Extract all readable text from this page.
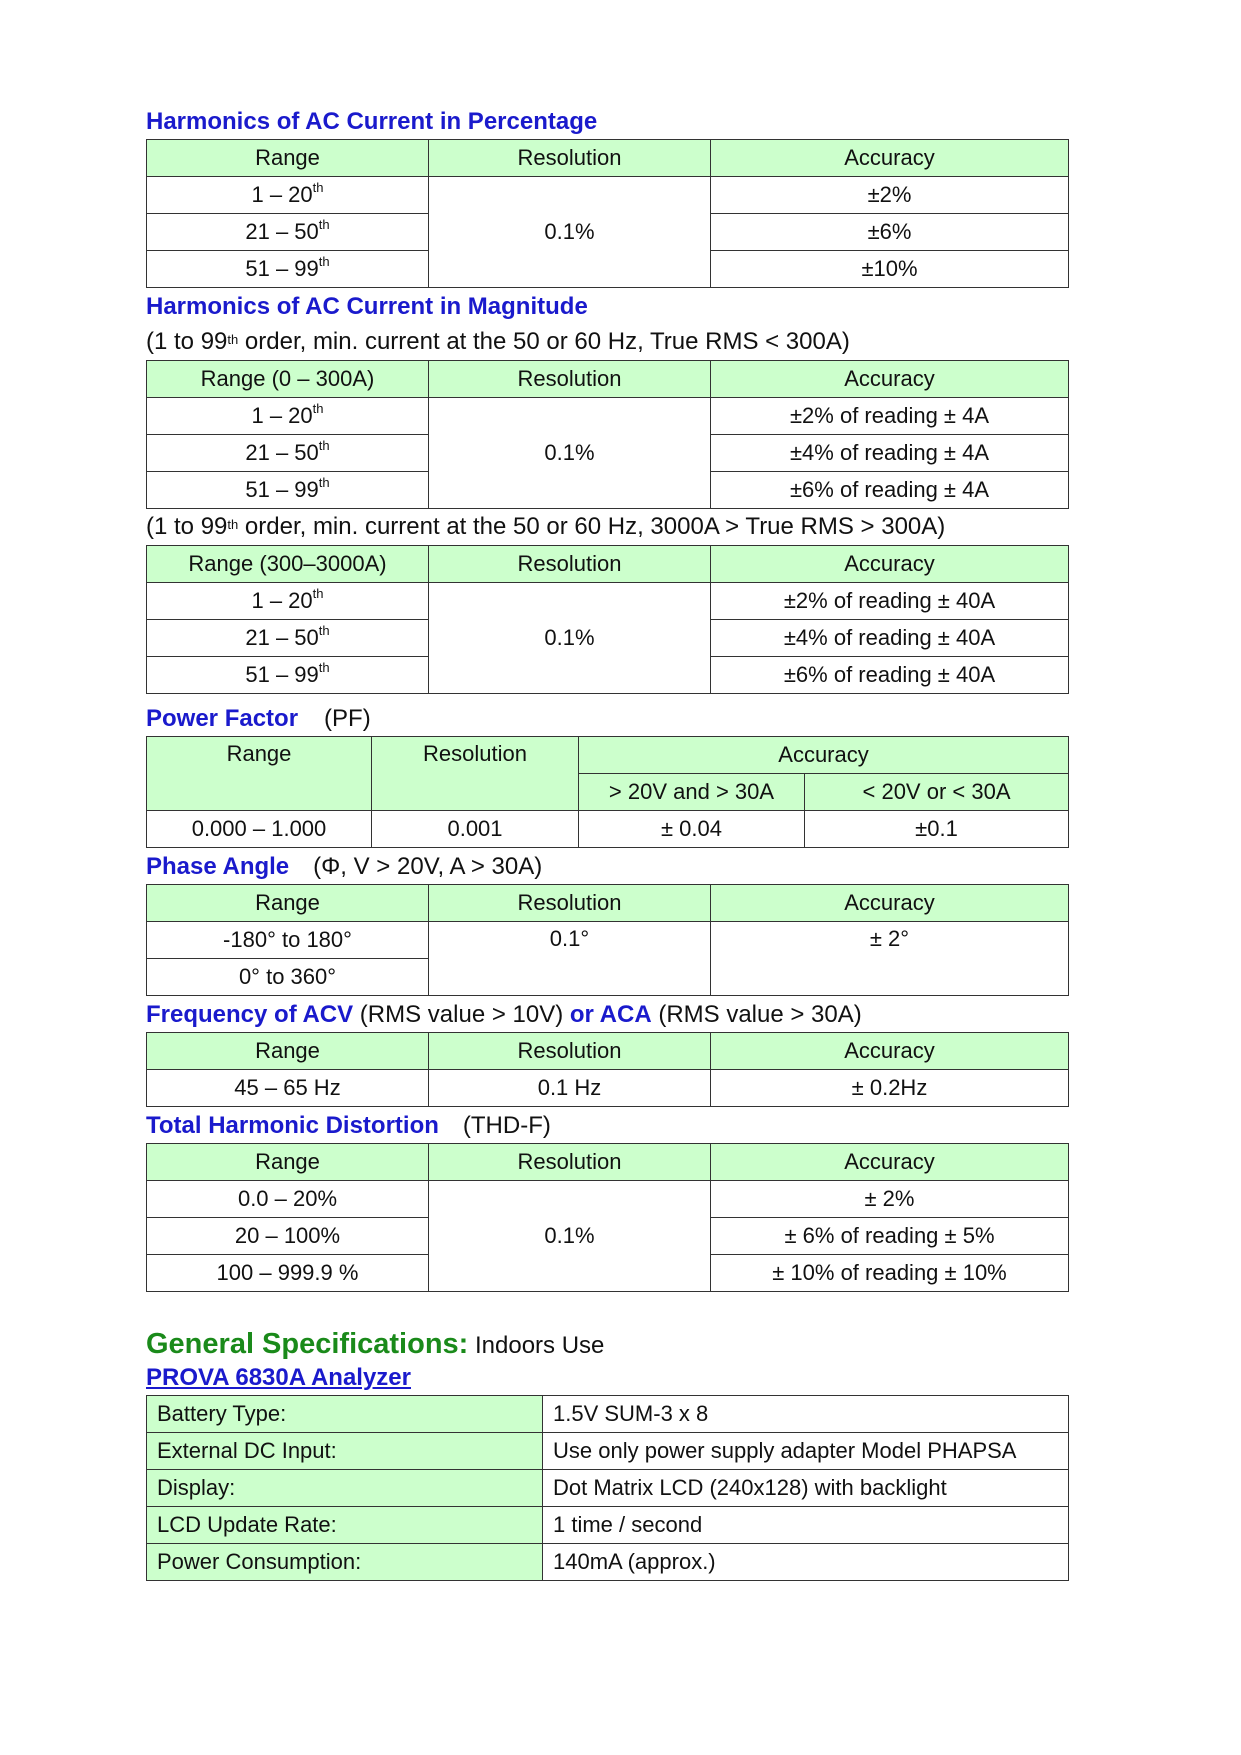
Harmonics of AC Current in Percentage
Range	Resolution	Accuracy
1 – 20th	0.1%	±2%
21 – 50th		±6%
51 – 99th		±10%
Harmonics of AC Current in Magnitude
(1 to 99th order, min. current at the 50 or 60 Hz, True RMS < 300A)
Range (0 – 300A)	Resolution	Accuracy
1 – 20th	0.1%	±2% of reading ± 4A
21 – 50th		±4% of reading ± 4A
51 – 99th		±6% of reading ± 4A
(1 to 99th order, min. current at the 50 or 60 Hz, 3000A > True RMS > 300A)
Range (300–3000A)	Resolution	Accuracy
1 – 20th	0.1%	±2% of reading ± 40A
21 – 50th		±4% of reading ± 40A
51 – 99th		±6% of reading ± 40A
Power Factor (PF)
Range	Resolution	Accuracy	
		> 20V and > 30A	< 20V or < 30A
0.000 – 1.000	0.001	± 0.04	±0.1
Phase Angle (Φ, V > 20V, A > 30A)
Range	Resolution	Accuracy
-180° to 180°	0.1°	± 2°
0° to 360°		
Frequency of ACV (RMS value > 10V) or ACA (RMS value > 30A)
Range	Resolution	Accuracy
45 – 65 Hz	0.1 Hz	± 0.2Hz
Total Harmonic Distortion (THD-F)
Range	Resolution	Accuracy
0.0 – 20%	0.1%	± 2%
20 – 100%		± 6% of reading ± 5%
100 – 999.9 %		± 10% of reading ± 10%
General Specifications: Indoors Use
PROVA 6830A Analyzer
Battery Type:	1.5V SUM-3 x 8
External DC Input:	Use only power supply adapter Model PHAPSA
Display:	Dot Matrix LCD (240x128) with backlight
LCD Update Rate:	1 time / second
Power Consumption:	140mA (approx.)
